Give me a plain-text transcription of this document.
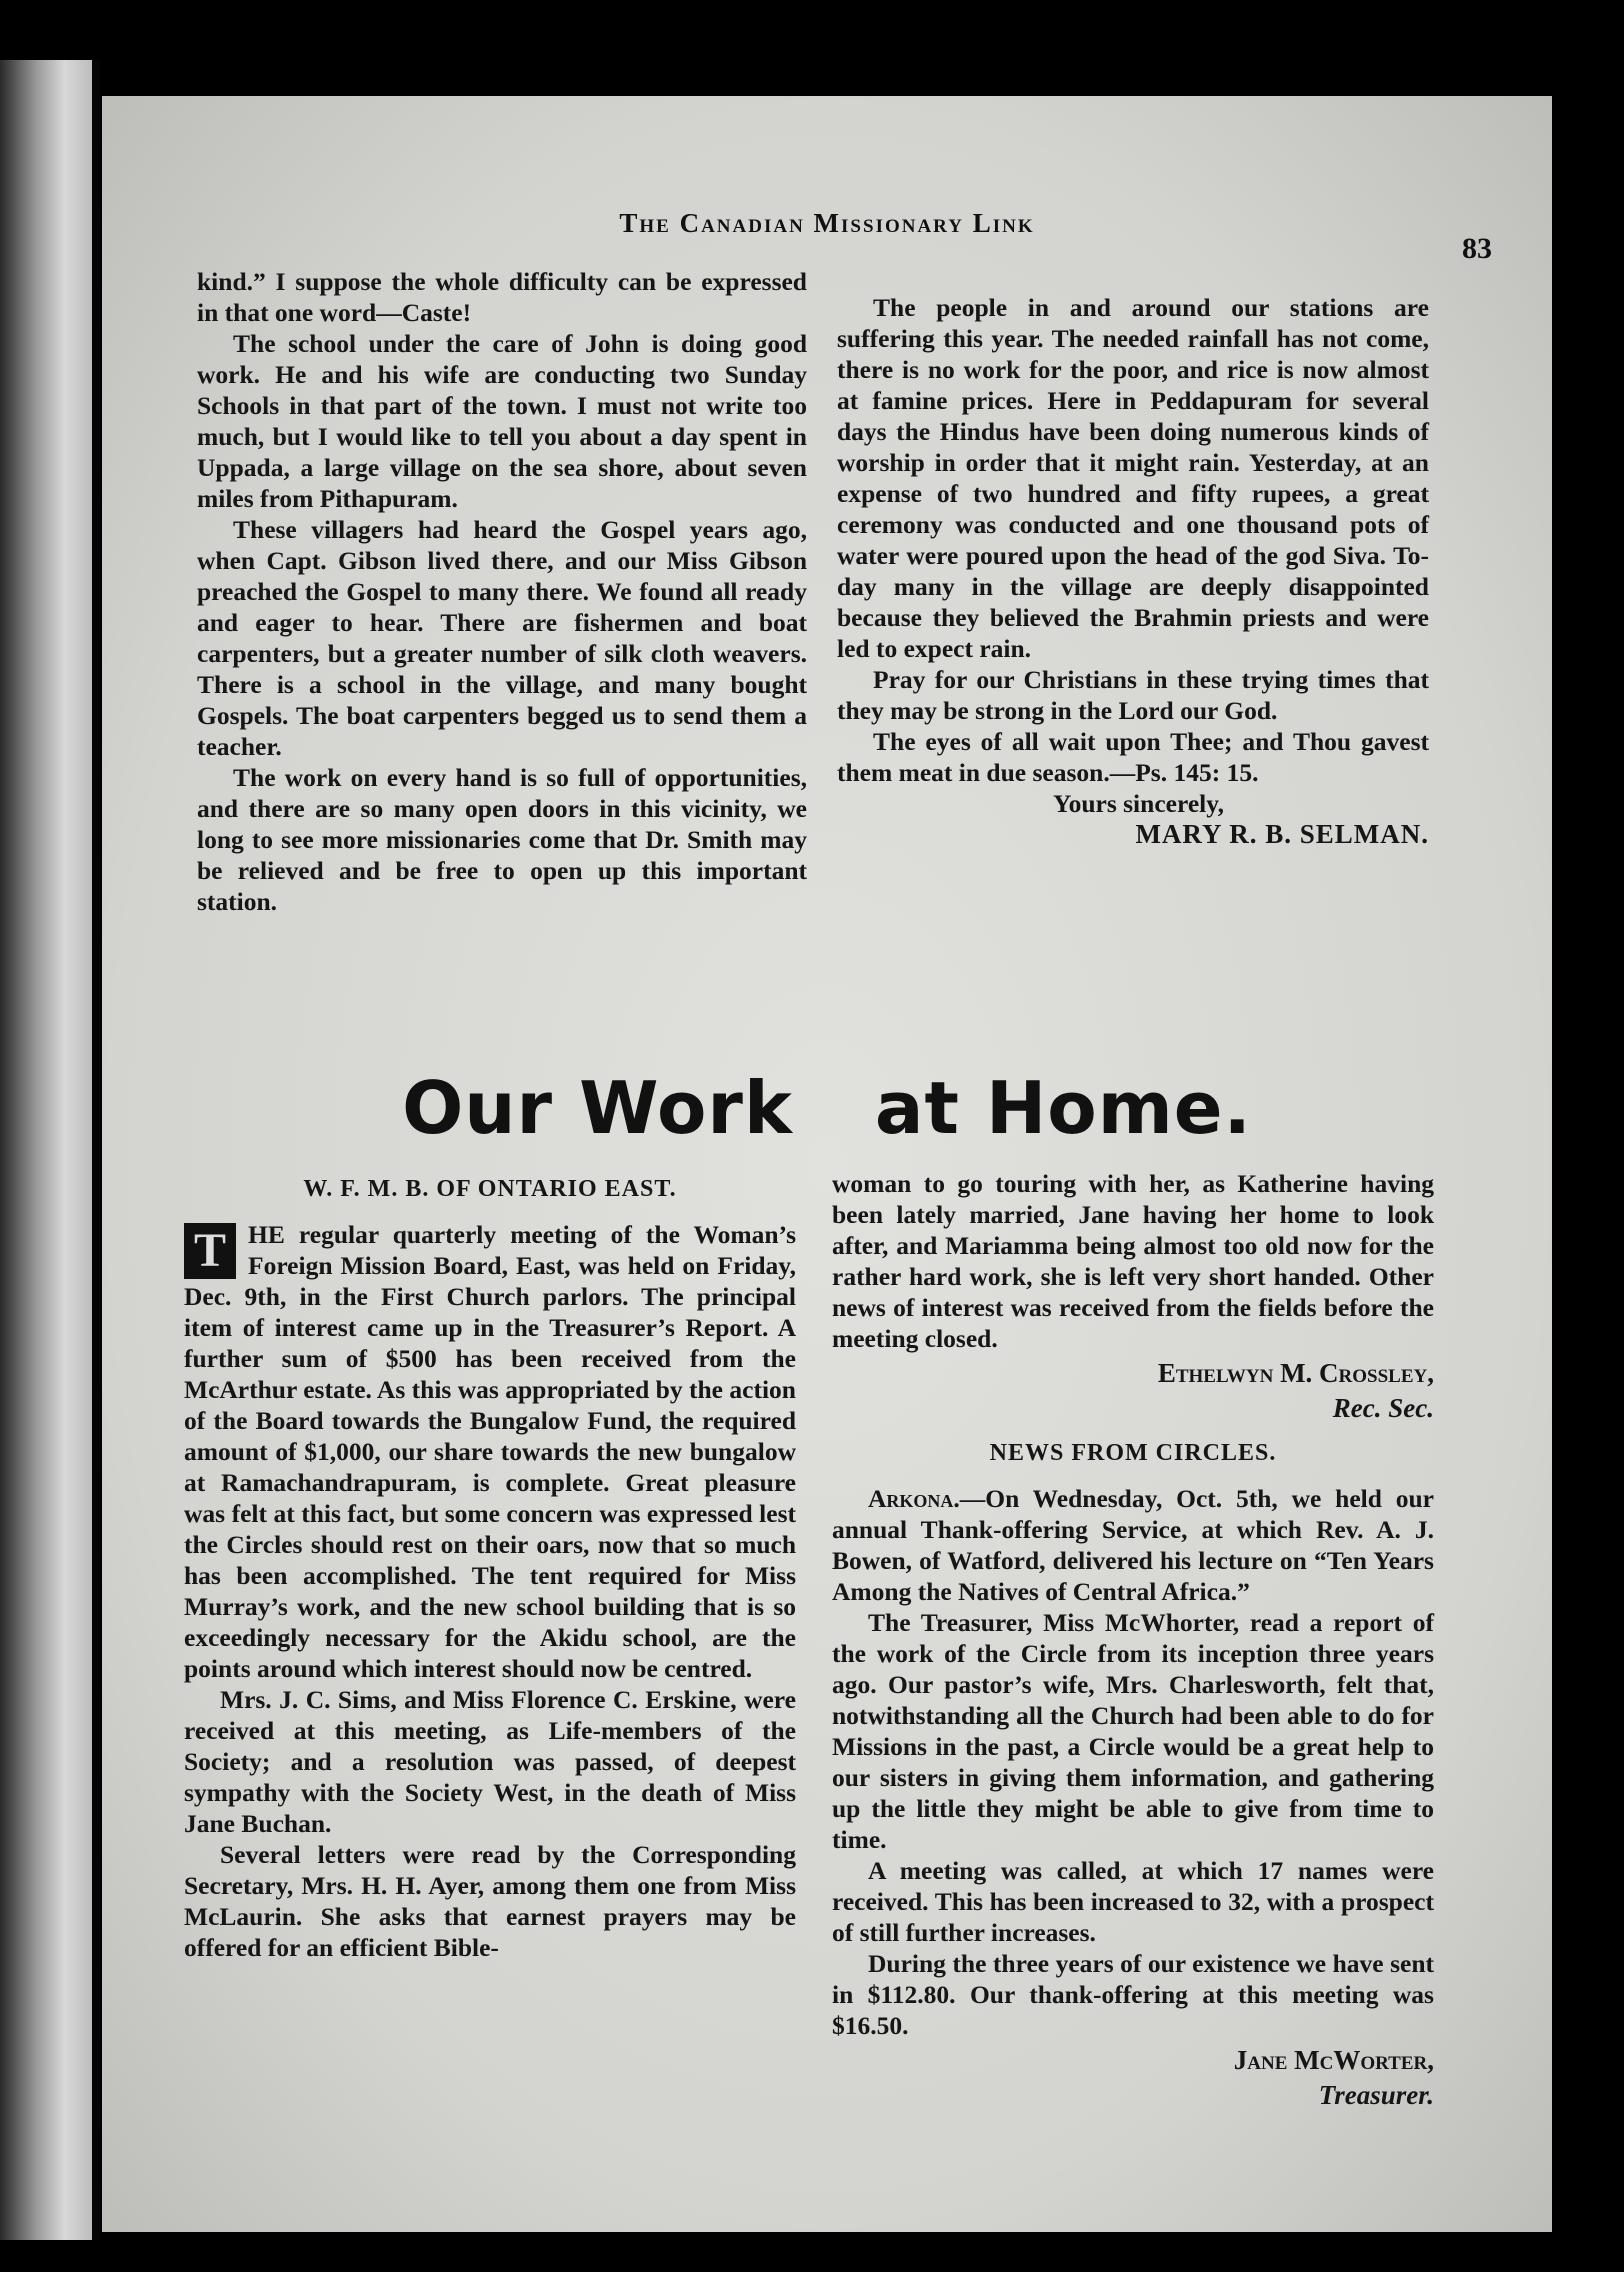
The Canadian Missionary Link
83

kind.” I suppose the whole difficulty can be expressed in that one word—Caste!

The school under the care of John is doing good work. He and his wife are conducting two Sunday Schools in that part of the town. I must not write too much, but I would like to tell you about a day spent in Uppada, a large village on the sea shore, about seven miles from Pithapuram.

These villagers had heard the Gospel years ago, when Capt. Gibson lived there, and our Miss Gibson preached the Gospel to many there. We found all ready and eager to hear. There are fishermen and boat carpenters, but a greater number of silk cloth weavers. There is a school in the village, and many bought Gospels. The boat carpenters begged us to send them a teacher.

The work on every hand is so full of opportunities, and there are so many open doors in this vicinity, we long to see more missionaries come that Dr. Smith may be relieved and be free to open up this important station.

The people in and around our stations are suffering this year. The needed rainfall has not come, there is no work for the poor, and rice is now almost at famine prices. Here in Peddapuram for several days the Hindus have been doing numerous kinds of worship in order that it might rain. Yesterday, at an expense of two hundred and fifty rupees, a great ceremony was conducted and one thousand pots of water were poured upon the head of the god Siva. To-day many in the village are deeply disappointed because they believed the Brahmin priests and were led to expect rain.

Pray for our Christians in these trying times that they may be strong in the Lord our God.

The eyes of all wait upon Thee; and Thou gavest them meat in due season.—Ps. 145: 15.

Yours sincerely,

MARY R. B. SELMAN.
Our Work at Home.
W. F. M. B. OF ONTARIO EAST.

T HE regular quarterly meeting of the Woman’s Foreign Mission Board, East, was held on Friday, Dec. 9th, in the First Church parlors. The principal item of interest came up in the Treasurer’s Report. A further sum of $500 has been received from the McArthur estate. As this was appropriated by the action of the Board towards the Bungalow Fund, the required amount of $1,000, our share towards the new bungalow at Ramachandrapuram, is complete. Great pleasure was felt at this fact, but some concern was expressed lest the Circles should rest on their oars, now that so much has been accomplished. The tent required for Miss Murray’s work, and the new school building that is so exceedingly necessary for the Akidu school, are the points around which interest should now be centred.

Mrs. J. C. Sims, and Miss Florence C. Erskine, were received at this meeting, as Life-members of the Society; and a resolution was passed, of deepest sympathy with the Society West, in the death of Miss Jane Buchan.

Several letters were read by the Corresponding Secretary, Mrs. H. H. Ayer, among them one from Miss McLaurin. She asks that earnest prayers may be offered for an efficient Bible-

woman to go touring with her, as Katherine having been lately married, Jane having her home to look after, and Mariamma being almost too old now for the rather hard work, she is left very short handed. Other news of interest was received from the fields before the meeting closed.

Ethelwyn M. Crossley,
Rec. Sec.
NEWS FROM CIRCLES.

Arkona.—On Wednesday, Oct. 5th, we held our annual Thank-offering Service, at which Rev. A. J. Bowen, of Watford, delivered his lecture on “Ten Years Among the Natives of Central Africa.”

The Treasurer, Miss McWhorter, read a report of the work of the Circle from its inception three years ago. Our pastor’s wife, Mrs. Charlesworth, felt that, notwithstanding all the Church had been able to do for Missions in the past, a Circle would be a great help to our sisters in giving them information, and gathering up the little they might be able to give from time to time.

A meeting was called, at which 17 names were received. This has been increased to 32, with a prospect of still further increases.

During the three years of our existence we have sent in $112.80. Our thank-offering at this meeting was $16.50.

Jane McWorter,
Treasurer.
